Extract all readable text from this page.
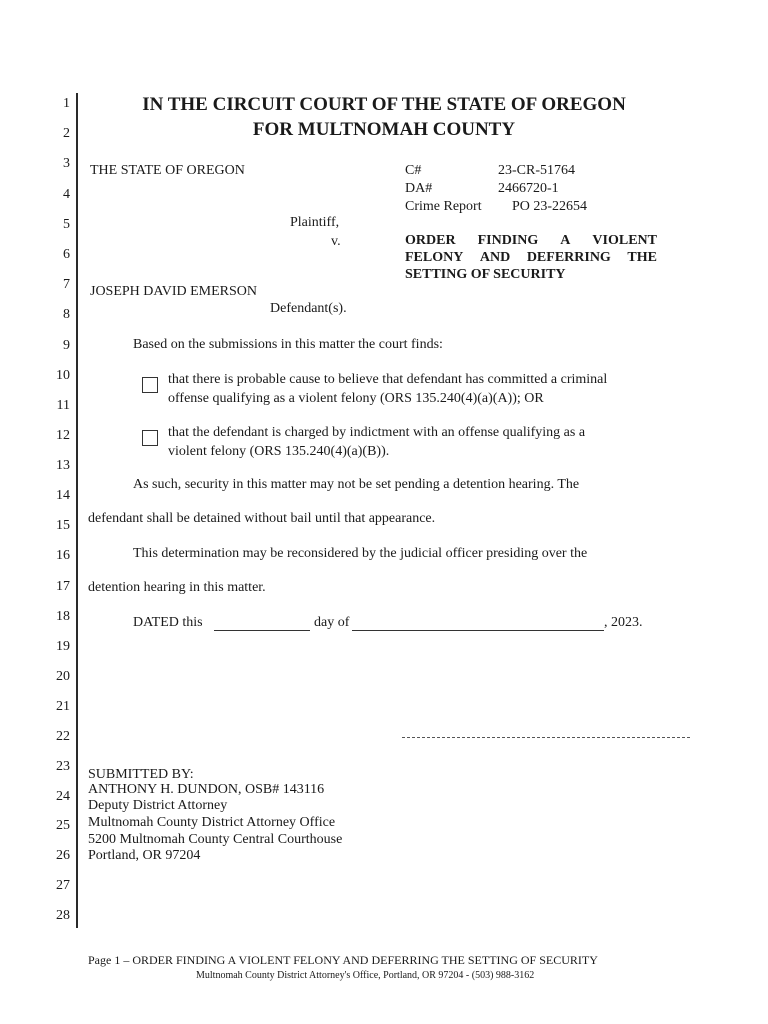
1
2
3
4
5
6
7
8
9
10
11
12
13
14
15
16
17
18
19
20
21
22
23
24
25
26
27
28
IN THE CIRCUIT COURT OF THE STATE OF OREGON
FOR MULTNOMAH COUNTY
THE STATE OF OREGON
Plaintiff,
v.
JOSEPH DAVID EMERSON
Defendant(s).
C#	23-CR-51764
DA#	2466720-1
Crime Report PO 23-22654
ORDER FINDING A VIOLENT
FELONY AND DEFERRING THE
SETTING OF SECURITY
Based on the submissions in this matter the court finds:
that there is probable cause to believe that defendant has committed a criminal
offense qualifying as a violent felony (ORS 135.240(4)(a)(A)); OR
that the defendant is charged by indictment with an offense qualifying as a
violent felony (ORS 135.240(4)(a)(B)).
As such, security in this matter may not be set pending a detention hearing. The
defendant shall be detained without bail until that appearance.
This determination may be reconsidered by the judicial officer presiding over the
detention hearing in this matter.
DATED this	day of	, 2023.
SUBMITTED BY:
ANTHONY H. DUNDON, OSB# 143116
Deputy District Attorney
Multnomah County District Attorney Office
5200 Multnomah County Central Courthouse
Portland, OR 97204
Page 1 – ORDER FINDING A VIOLENT FELONY AND DEFERRING THE SETTING OF SECURITY
Multnomah County District Attorney's Office, Portland, OR 97204 - (503) 988-3162
